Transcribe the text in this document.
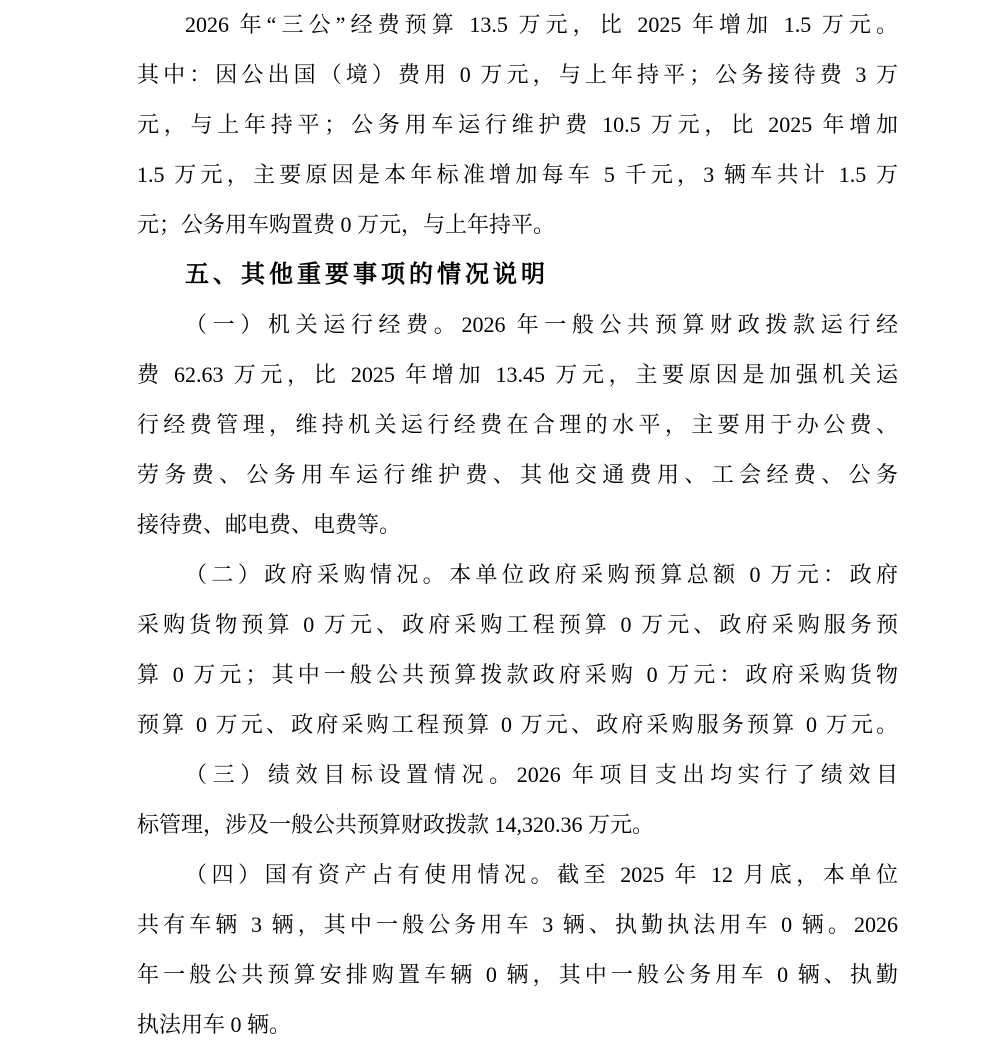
2026 年“三公”经费预算 13.5 万元，比 2025 年增加 1.5 万元。
其中：因公出国（境）费用 0 万元，与上年持平；公务接待费 3 万
元，与上年持平；公务用车运行维护费 10.5 万元，比 2025 年增加
1.5 万元，主要原因是本年标准增加每车 5 千元，3 辆车共计 1.5 万
元；公务用车购置费 0 万元，与上年持平。
五、其他重要事项的情况说明
（一）机关运行经费。2026 年一般公共预算财政拨款运行经
费 62.63 万元，比 2025 年增加 13.45 万元，主要原因是加强机关运
行经费管理，维持机关运行经费在合理的水平，主要用于办公费、
劳务费、公务用车运行维护费、其他交通费用、工会经费、公务
接待费、邮电费、电费等。
（二）政府采购情况。本单位政府采购预算总额 0 万元：政府
采购货物预算 0 万元、政府采购工程预算 0 万元、政府采购服务预
算 0 万元；其中一般公共预算拨款政府采购 0 万元：政府采购货物
预算 0 万元、政府采购工程预算 0 万元、政府采购服务预算 0 万元。
（三）绩效目标设置情况。2026 年项目支出均实行了绩效目
标管理，涉及一般公共预算财政拨款 14,320.36 万元。
（四）国有资产占有使用情况。截至 2025 年 12 月底，本单位
共有车辆 3 辆，其中一般公务用车 3 辆、执勤执法用车 0 辆。2026
年一般公共预算安排购置车辆 0 辆，其中一般公务用车 0 辆、执勤
执法用车 0 辆。
